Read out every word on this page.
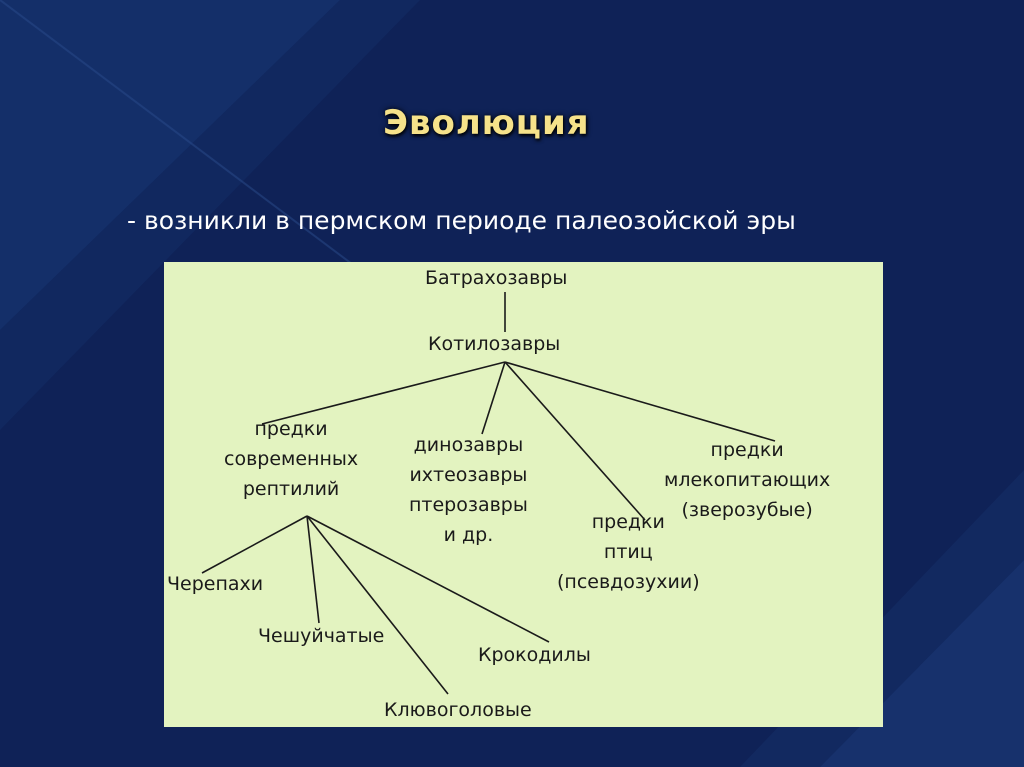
Эволюция
- возникли в пермском периоде палеозойской эры
Батрахозавры
Котилозавры
предки
современных
рептилий
динозавры
ихтеозавры
птерозавры
и др.
предки
птиц
(псевдозухии)
предки
млекопитающих
(зверозубые)
Черепахи
Чешуйчатые
Клювоголовые
Крокодилы
